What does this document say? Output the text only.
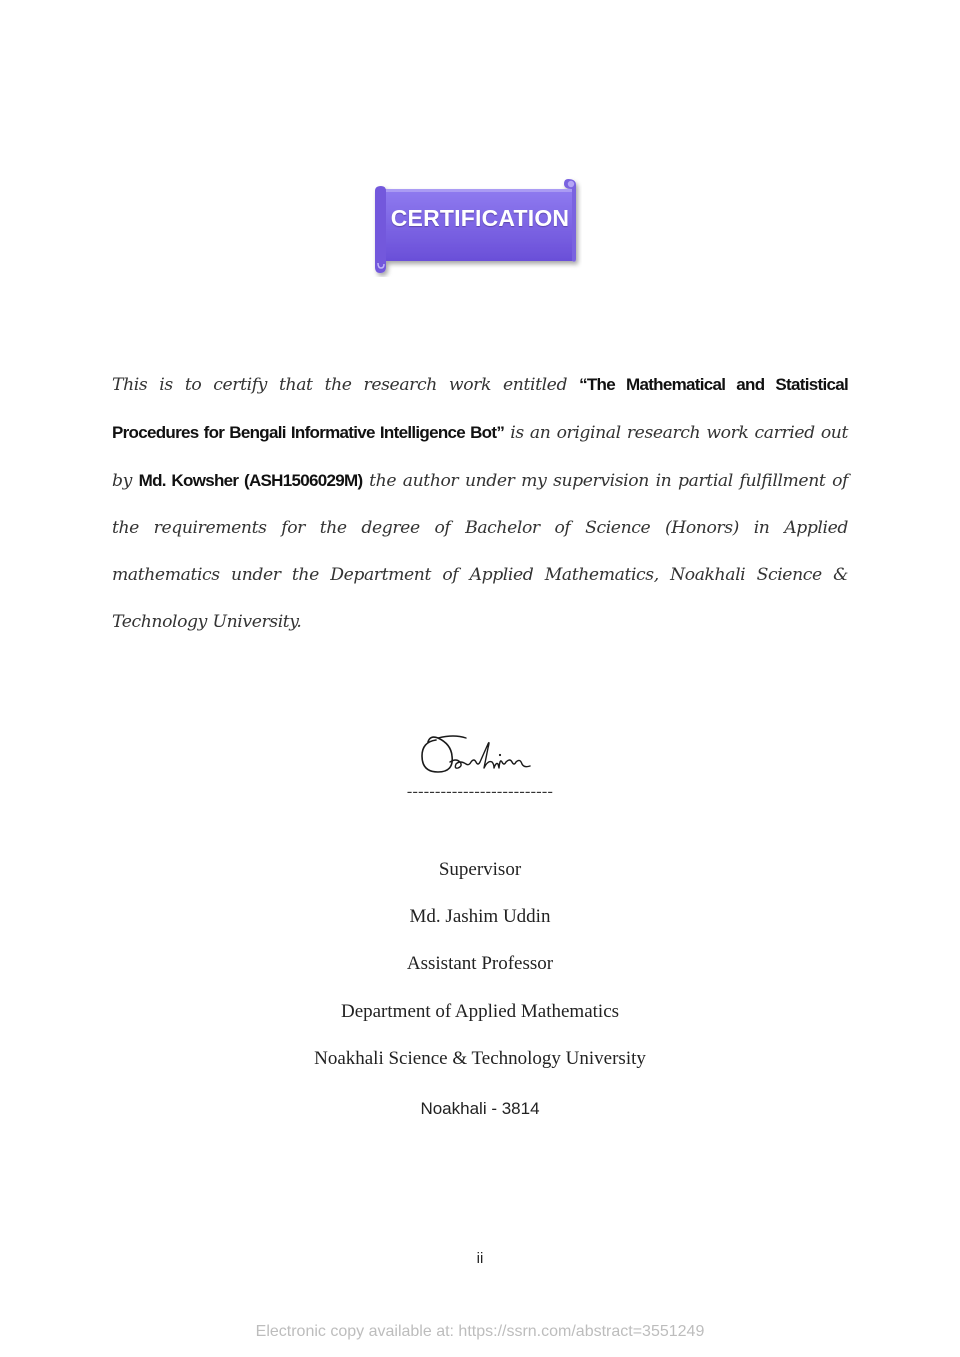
CERTIFICATION

This is to certify that the research work entitled “The Mathematical and Statistical Procedures for Bengali Informative Intelligence Bot” is an original research work carried out by Md. Kowsher (ASH1506029M) the author under my supervision in partial fulfillment of the requirements for the degree of Bachelor of Science (Honors) in Applied mathematics under the Department of Applied Mathematics, Noakhali Science & Technology University.

--------------------------
Supervisor
Md. Jashim Uddin
Assistant Professor
Department of Applied Mathematics
Noakhali Science & Technology University
Noakhali - 3814
ii
Electronic copy available at: https://ssrn.com/abstract=3551249
